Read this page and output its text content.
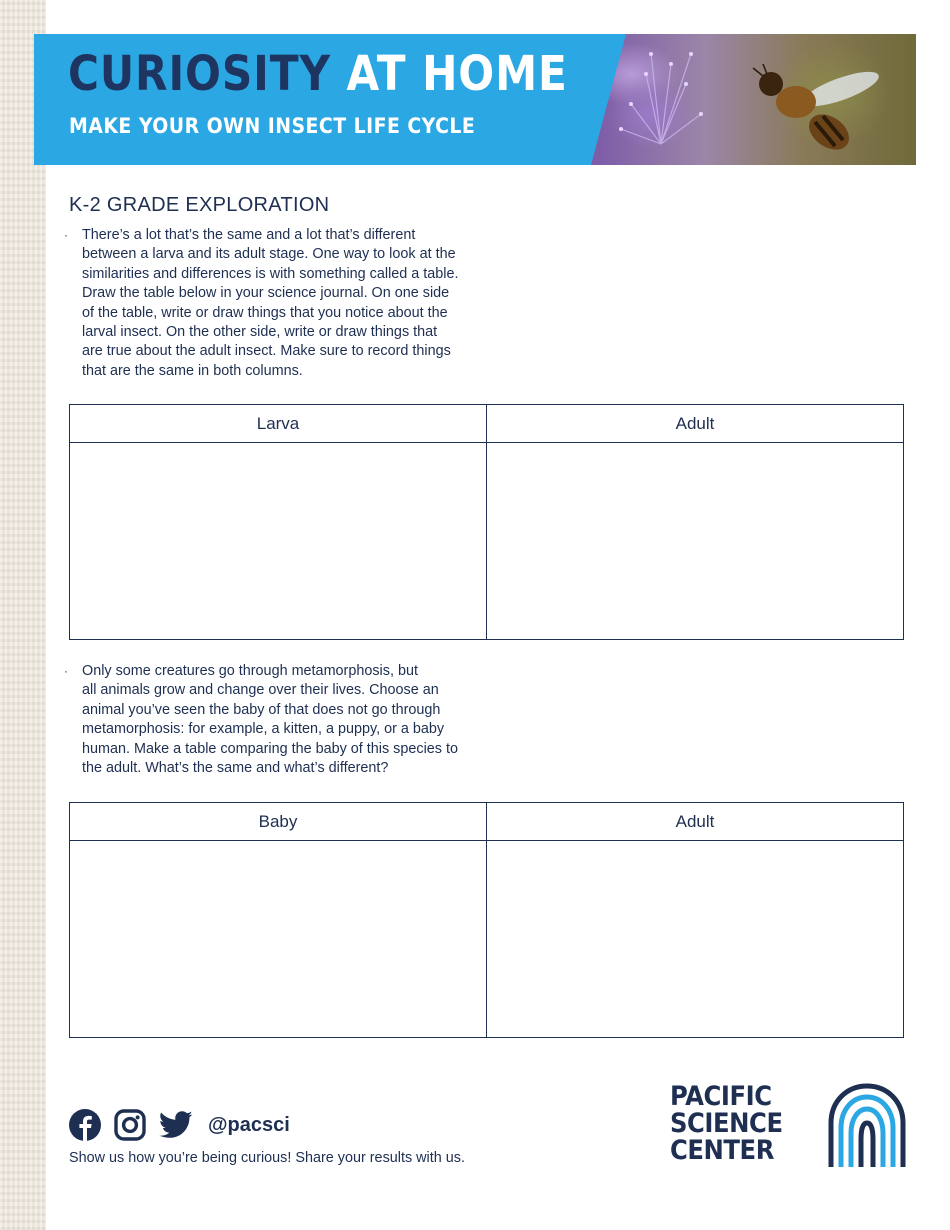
CURIOSITY AT HOME

MAKE YOUR OWN INSECT LIFE CYCLE

K-2 GRADE EXPLORATION
· There’s a lot that’s the same and a lot that’s different
between a larva and its adult stage. One way to look at the
similarities and differences is with something called a table.
Draw the table below in your science journal. On one side
of the table, write or draw things that you notice about the
larval insect. On the other side, write or draw things that
are true about the adult insect. Make sure to record things
that are the same in both columns.
Larva	Adult

· Only some creatures go through metamorphosis, but
all animals grow and change over their lives. Choose an
animal you’ve seen the baby of that does not go through
metamorphosis: for example, a kitten, a puppy, or a baby
human. Make a table comparing the baby of this species to
the adult. What’s the same and what’s different?
Baby	Adult

@pacsci

Show us how you’re being curious! Share your results with us.

PACIFIC
SCIENCE
CENTER
